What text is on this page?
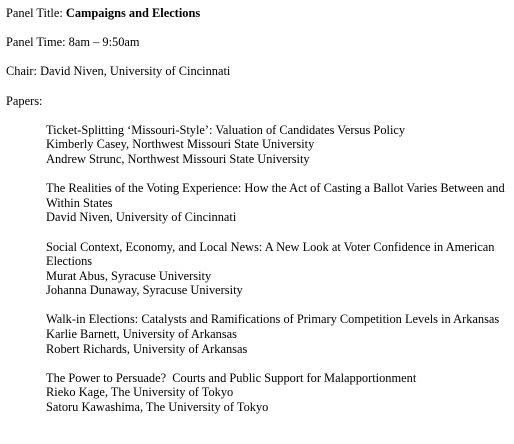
Panel Title: Campaigns and Elections
Panel Time: 8am – 9:50am
Chair: David Niven, University of Cincinnati
Papers:
Ticket-Splitting ‘Missouri-Style’: Valuation of Candidates Versus Policy
Kimberly Casey, Northwest Missouri State University
Andrew Strunc, Northwest Missouri State University
The Realities of the Voting Experience: How the Act of Casting a Ballot Varies Between and Within States
David Niven, University of Cincinnati
Social Context, Economy, and Local News: A New Look at Voter Confidence in American Elections
Murat Abus, Syracuse University
Johanna Dunaway, Syracuse University
Walk-in Elections: Catalysts and Ramifications of Primary Competition Levels in Arkansas
Karlie Barnett, University of Arkansas
Robert Richards, University of Arkansas
The Power to Persuade?  Courts and Public Support for Malapportionment
Rieko Kage, The University of Tokyo
Satoru Kawashima, The University of Tokyo
